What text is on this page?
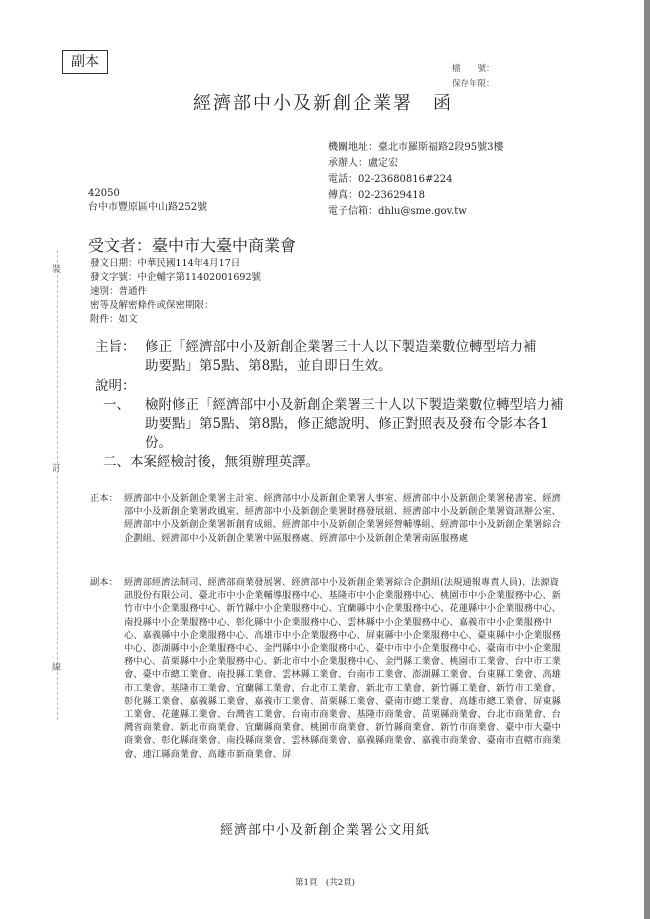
副本	檔　　號：
保存年限：
經濟部中小及新創企業署　函
機關地址：臺北市羅斯福路2段95號3樓
承辦人：盧定宏
電話：02-23680816#224
傳真：02-23629418
電子信箱：dhlu@sme.gov.tw
42050
台中市豐原區中山路252號
受文者：臺中市大臺中商業會
發文日期：中華民國114年4月17日
發文字號：中企輔字第11402001692號
速別：普通件
密等及解密條件或保密期限：
附件：如文
主旨： 修正「經濟部中小及新創企業署三十人以下製造業數位轉型培力補助要點」第5點、第8點，並自即日生效。
說明：
一、 檢附修正「經濟部中小及新創企業署三十人以下製造業數位轉型培力補助要點」第5點、第8點，修正總說明、修正對照表及發布令影本各1份。
二、本案經檢討後，無須辦理英譯。
正本： 經濟部中小及新創企業署主計室、經濟部中小及新創企業署人事室、經濟部中小及新創企業署秘書室、經濟部中小及新創企業署政風室、經濟部中小及新創企業署財務發展組、經濟部中小及新創企業署資訊辦公室、經濟部中小及新創企業署新創育成組、經濟部中小及新創企業署經營輔導組、經濟部中小及新創企業署綜合企劃組、經濟部中小及新創企業署中區服務處、經濟部中小及新創企業署南區服務處
副本： 經濟部經濟法制司、經濟部商業發展署、經濟部中小及新創企業署綜合企劃組(法規通報專責人員)、法源資訊股份有限公司、臺北市中小企業輔導服務中心、基隆市中小企業服務中心、桃園市中小企業服務中心、新竹市中小企業服務中心、新竹縣中小企業服務中心、宜蘭縣中小企業服務中心、花蓮縣中小企業服務中心、南投縣中小企業服務中心、彰化縣中小企業服務中心、雲林縣中小企業服務中心、嘉義市中小企業服務中心、嘉義縣中小企業服務中心、高雄市中小企業服務中心、屏東縣中小企業服務中心、臺東縣中小企業服務中心、澎湖縣中小企業服務中心、金門縣中小企業服務中心、臺中市中小企業服務中心、臺南市中小企業服務中心、苗栗縣中小企業服務中心、新北市中小企業服務中心、金門縣工業會、桃園市工業會、台中市工業會、臺中市總工業會、南投縣工業會、雲林縣工業會、台南市工業會、澎湖縣工業會、台東縣工業會、高雄市工業會、基隆市工業會、宜蘭縣工業會、台北市工業會、新北市工業會、新竹縣工業會、新竹市工業會、彰化縣工業會、嘉義縣工業會、嘉義市工業會、苗栗縣工業會、臺南市總工業會、高雄市總工業會、屏東縣工業會、花蓮縣工業會、台灣省工業會、台南市商業會、基隆市商業會、苗栗縣商業會、台北市商業會、台灣省商業會、新北市商業會、宜蘭縣商業會、桃園市商業會、新竹縣商業會、新竹市商業會、臺中市大臺中商業會、彰化縣商業會、南投縣商業會、雲林縣商業會、嘉義縣商業會、嘉義市商業會、臺南市直轄市商業會、連江縣商業會、高雄市新商業會、屏
經濟部中小及新創企業署公文用紙
第1頁　(共2頁)
裝
訂
線
